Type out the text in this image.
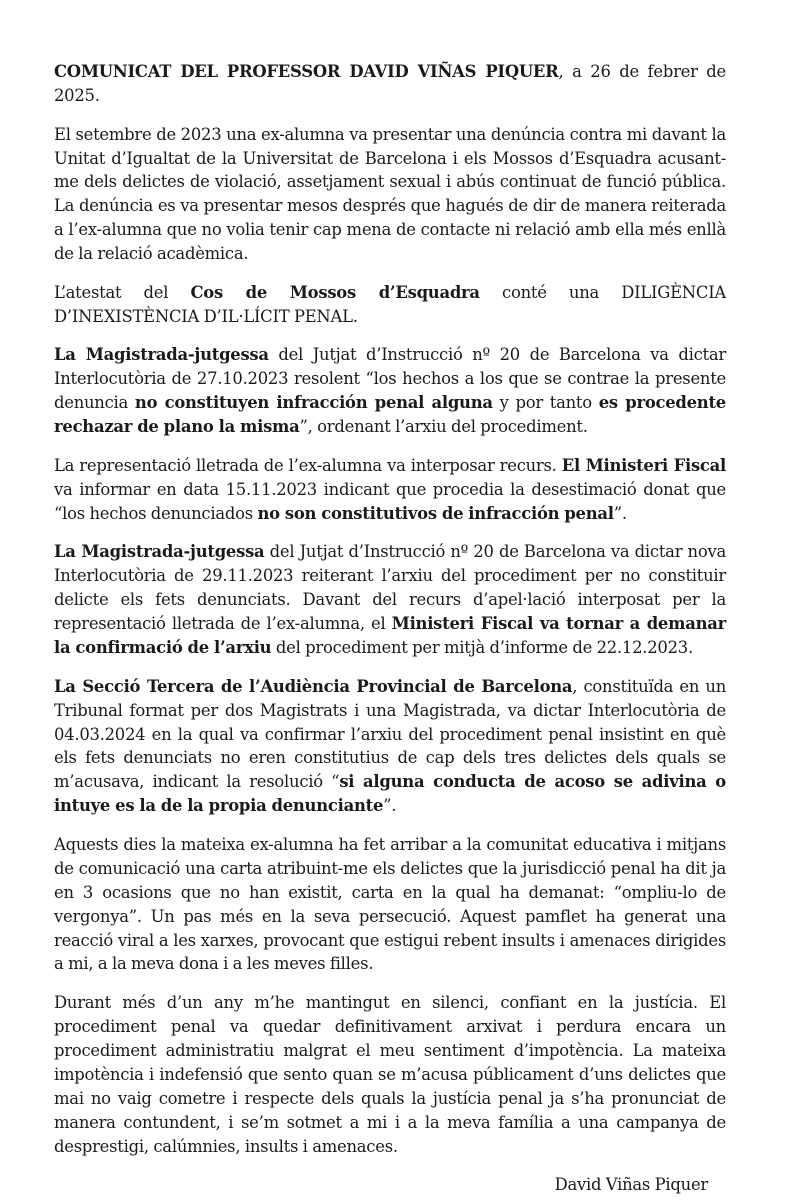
COMUNICAT DEL PROFESSOR DAVID VIÑAS PIQUER, a 26 de febrer de 2025.

El setembre de 2023 una ex-alumna va presentar una denúncia contra mi davant la Unitat d’Igualtat de la Universitat de Barcelona i els Mossos d’Esquadra acusant-me dels delictes de violació, assetjament sexual i abús continuat de funció pública. La denúncia es va presentar mesos després que hagués de dir de manera reiterada a l’ex-alumna que no volia tenir cap mena de contacte ni relació amb ella més enllà de la relació acadèmica.

L’atestat del Cos de Mossos d’Esquadra conté una DILIGÈNCIA D’INEXISTÈNCIA D’IL·LÍCIT PENAL.

La Magistrada-jutgessa del Jutjat d’Instrucció nº 20 de Barcelona va dictar Interlocutòria de 27.10.2023 resolent “los hechos a los que se contrae la presente denuncia no constituyen infracción penal alguna y por tanto es procedente rechazar de plano la misma”, ordenant l’arxiu del procediment.

La representació lletrada de l’ex-alumna va interposar recurs. El Ministeri Fiscal va informar en data 15.11.2023 indicant que procedia la desestimació donat que “los hechos denunciados no son constitutivos de infracción penal”.

La Magistrada-jutgessa del Jutjat d’Instrucció nº 20 de Barcelona va dictar nova Interlocutòria de 29.11.2023 reiterant l’arxiu del procediment per no constituir delicte els fets denunciats. Davant del recurs d’apel·lació interposat per la representació lletrada de l’ex-alumna, el Ministeri Fiscal va tornar a demanar la confirmació de l’arxiu del procediment per mitjà d’informe de 22.12.2023.

La Secció Tercera de l’Audiència Provincial de Barcelona, constituïda en un Tribunal format per dos Magistrats i una Magistrada, va dictar Interlocutòria de 04.03.2024 en la qual va confirmar l’arxiu del procediment penal insistint en què els fets denunciats no eren constitutius de cap dels tres delictes dels quals se m’acusava, indicant la resolució “si alguna conducta de acoso se adivina o intuye es la de la propia denunciante”.

Aquests dies la mateixa ex-alumna ha fet arribar a la comunitat educativa i mitjans de comunicació una carta atribuint-me els delictes que la jurisdicció penal ha dit ja en 3 ocasions que no han existit, carta en la qual ha demanat: “ompliu-lo de vergonya”. Un pas més en la seva persecució. Aquest pamflet ha generat una reacció viral a les xarxes, provocant que estigui rebent insults i amenaces dirigides a mi, a la meva dona i a les meves filles.

Durant més d’un any m’he mantingut en silenci, confiant en la justícia. El procediment penal va quedar definitivament arxivat i perdura encara un procediment administratiu malgrat el meu sentiment d’impotència. La mateixa impotència i indefensió que sento quan se m’acusa públicament d’uns delictes que mai no vaig cometre i respecte dels quals la justícia penal ja s’ha pronunciat de manera contundent, i se’m sotmet a mi i a la meva família a una campanya de desprestigi, calúmnies, insults i amenaces.

David Viñas Piquer
